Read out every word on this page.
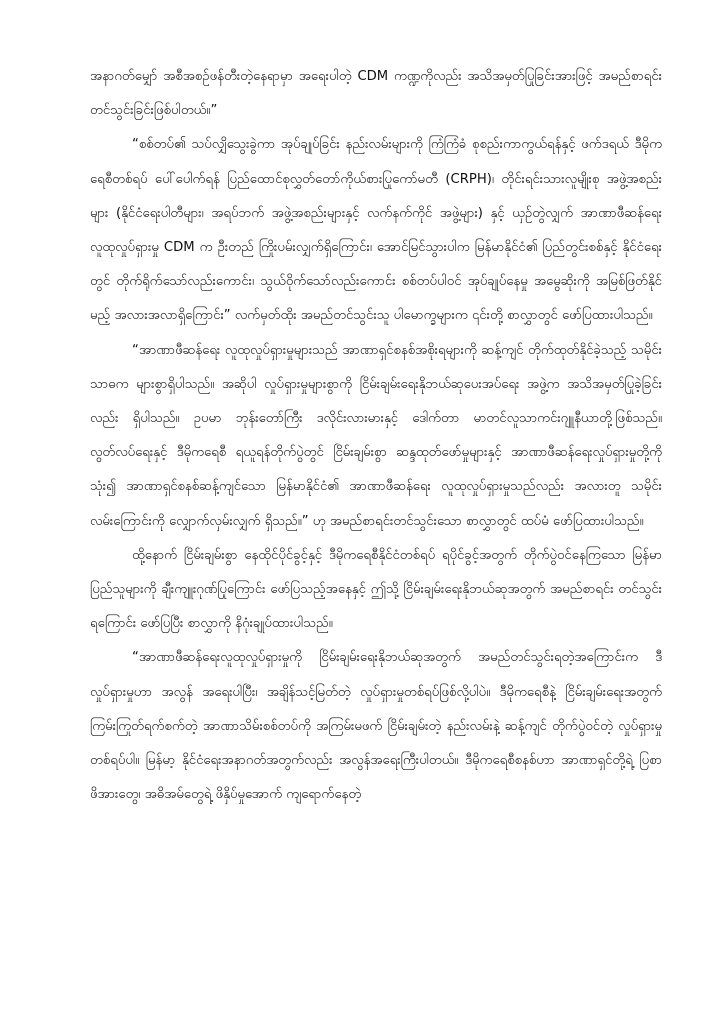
အနာဂတ်မျှော် အစီအစဉ်ဖန်တီးတဲ့နေရာမှာ အရေးပါတဲ့ CDM ကဏ္ဍကိုလည်း အသိအမှတ်ပြုခြင်းအားဖြင့် အမည်စာရင်း တင်သွင်းခြင်းဖြစ်ပါတယ်။”

“စစ်တပ်၏ သပ်လျှိသွေးခွဲကာ အုပ်ချုပ်ခြင်း နည်းလမ်းများကို ကြံကြံခံ စုစည်းကာကွယ်ရန်နှင့် ဖက်ဒရယ် ဒီမိုကရေစီတစ်ရပ် ပေါ်ပေါက်ရန် ပြည်ထောင်စုလွှတ်တော်ကိုယ်စားပြုကော်မတီ (CRPH)၊ တိုင်းရင်းသားလူမျိုးစု အဖွဲ့အစည်းများ (နိုင်ငံရေးပါတီများ၊ အရပ်ဘက် အဖွဲ့အစည်းများနှင့် လက်နက်ကိုင် အဖွဲ့များ) နှင့် ယှဉ်တွဲလျှက် အာဏာဖီဆန်ရေး လူထုလှုပ်ရှားမှု CDM က ဦးတည် ကြိုးပမ်းလျှက်ရှိကြောင်း၊ အောင်မြင်သွားပါက မြန်မာနိုင်ငံ၏ ပြည်တွင်းစစ်နှင့် နိုင်ငံရေးတွင် တိုက်ရိုက်သော်လည်းကောင်း၊ သွယ်ဝိုက်သော်လည်းကောင်း စစ်တပ်ပါဝင် အုပ်ချုပ်နေမှု အမွေဆိုးကို အမြစ်ဖြတ်နိုင်မည့် အလားအလာရှိကြောင်း” လက်မှတ်ထိုး အမည်တင်သွင်းသူ ပါမောက္ခများက ၎င်းတို့ စာလွှာတွင် ဖော်ပြထားပါသည်။

“အာဏာဖီဆန်ရေး လူထုလှုပ်ရှားမှုများသည် အာဏာရှင်စနစ်အစိုးရများကို ဆန့်ကျင် တိုက်ထုတ်နိုင်ခဲ့သည့် သမိုင်းသာဓက များစွာရှိပါသည်။ အဆိုပါ လှုပ်ရှားမှုများစွာကို ငြိမ်းချမ်းရေးနိုဘယ်ဆုပေးအပ်ရေး အဖွဲ့က အသိအမှတ်ပြုခဲ့ခြင်းလည်း ရှိပါသည်။ ဥပမာ ဘုန်းတော်ကြီး ဒလိုင်းလားမားနှင့် ဒေါက်တာ မာတင်လူသာကင်းဂျူနီယာတို့ဖြစ်သည်။ လွတ်လပ်ရေးနှင့် ဒီမိုကရေစီ ရယူရန်တိုက်ပွဲတွင် ငြိမ်းချမ်းစွာ ဆန္ဒထုတ်ဖော်မှုများနှင့် အာဏာဖီဆန်ရေးလှုပ်ရှားမှုတို့ကို သုံး၍ အာဏာရှင်စနစ်ဆန့်ကျင်သော မြန်မာနိုင်ငံ၏ အာဏာဖီဆန်ရေး လူထုလှုပ်ရှားမှုသည်လည်း အလားတူ သမိုင်းလမ်းကြောင်းကို လျှောက်လှမ်းလျှက် ရှိသည်။” ဟု အမည်စာရင်းတင်သွင်းသော စာလွှာတွင် ထပ်မံ ဖော်ပြထားပါသည်။

ထို့နောက် ငြိမ်းချမ်းစွာ နေထိုင်ပိုင်ခွင့်နှင့် ဒီမိုကရေစီနိုင်ငံတစ်ရပ် ရပိုင်ခွင့်အတွက် တိုက်ပွဲဝင်နေကြသော မြန်မာပြည်သူများကို ချီးကျူးဂုဏ်ပြုကြောင်း ဖော်ပြသည့်အနေနှင့် ဤသို့ ငြိမ်းချမ်းရေးနိုဘယ်ဆုအတွက် အမည်စာရင်း တင်သွင်းရကြောင်း ဖော်ပြပြီး စာလွှာကို နိဂုံးချုပ်ထားပါသည်။

“အာဏာဖီဆန်ရေးလူထုလှုပ်ရှားမှုကို ငြိမ်းချမ်းရေးနိုဘယ်ဆုအတွက် အမည်တင်သွင်းရတဲ့အကြောင်းက ဒီလှုပ်ရှားမှုဟာ အလွန် အရေးပါပြီး၊ အချိန်သင့်မြတ်တဲ့ လှုပ်ရှားမှုတစ်ရပ်ဖြစ်လို့ပါပဲ။ ဒီမိုကရေစီနဲ့ ငြိမ်းချမ်းရေးအတွက် ကြမ်းကြုတ်ရက်စက်တဲ့ အာဏာသိမ်းစစ်တပ်ကို အကြမ်းမဖက် ငြိမ်းချမ်းတဲ့ နည်းလမ်းနဲ့ ဆန့်ကျင် တိုက်ပွဲဝင်တဲ့ လှုပ်ရှားမှု တစ်ရပ်ပါ။ မြန်မာ့ နိုင်ငံရေးအနာဂတ်အတွက်လည်း အလွန်အရေးကြီးပါတယ်။ ဒီမိုကရေစီစနစ်ဟာ အာဏာရှင်တို့ရဲ့ ပြစာဖိအားတွေ၊ အဓိအမ်တွေရဲ့ ဖိနှိပ်မှုအောက် ကျရောက်နေတဲ့
